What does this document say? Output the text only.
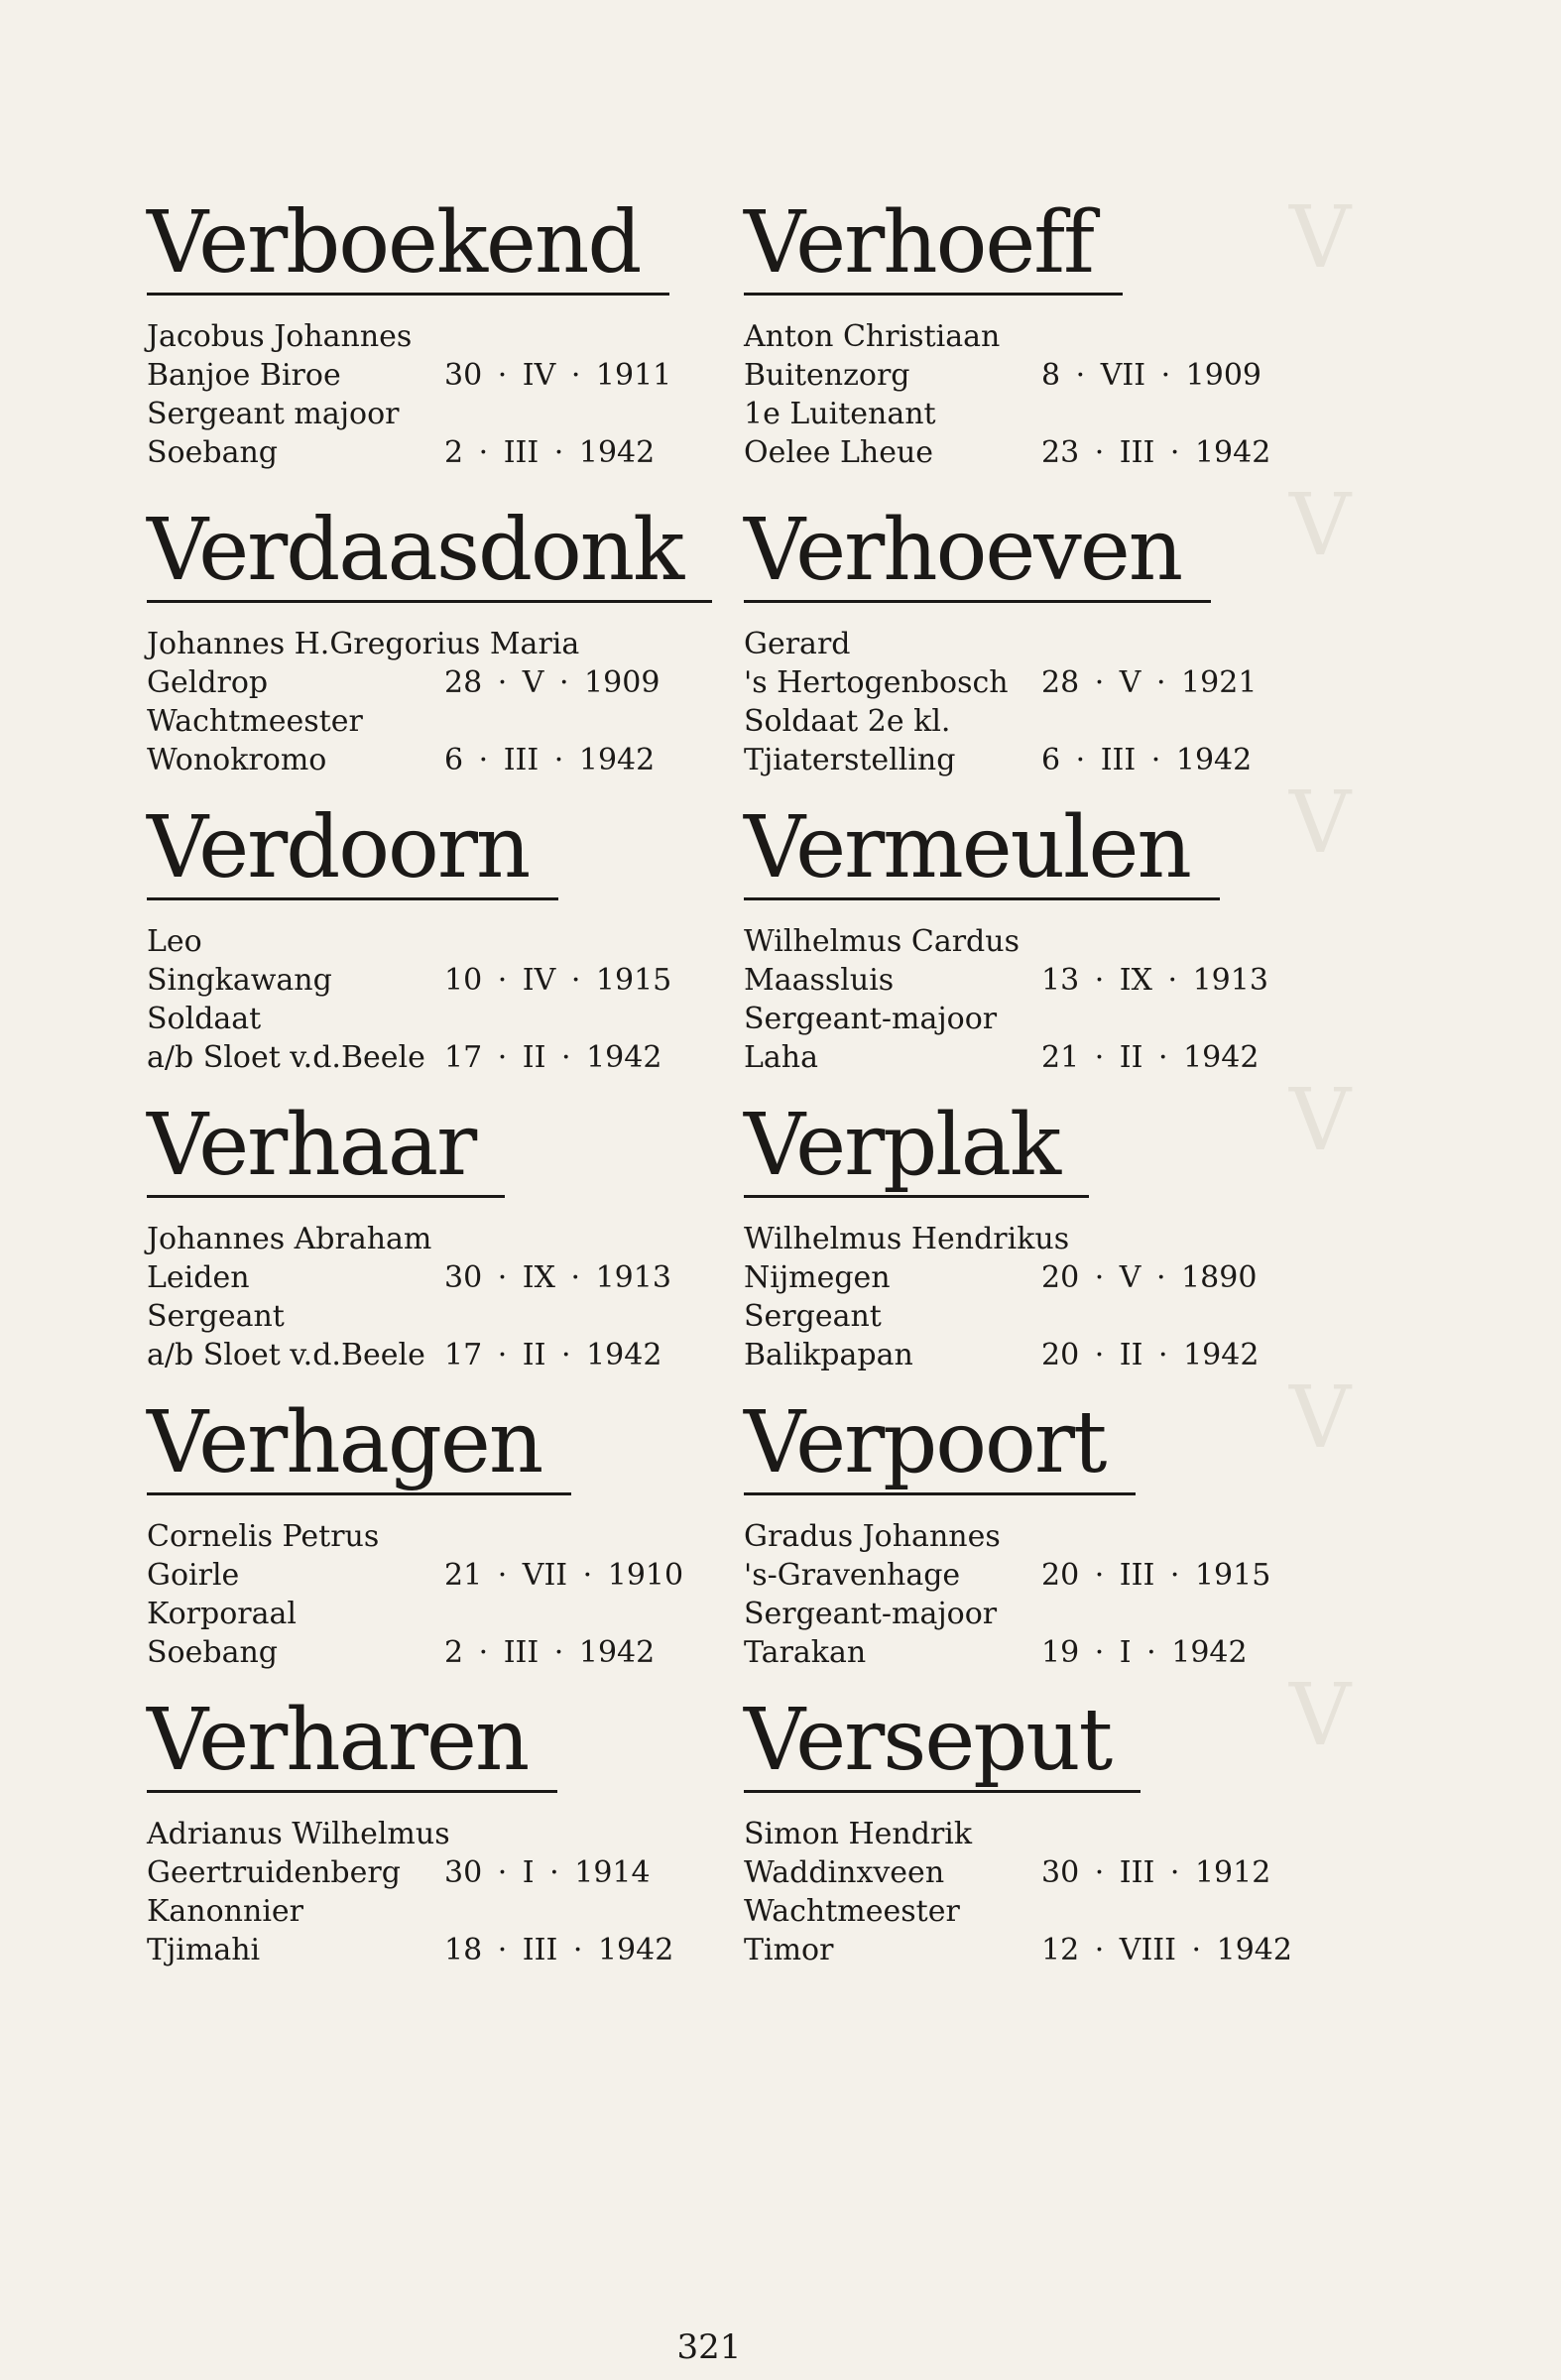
V
V
V
V
V
V
Verboekend
Jacobus Johannes
Banjoe Biroe	30 · IV · 1911
Sergeant majoor
Soebang	2 · III · 1942
Verdaasdonk
Johannes H.Gregorius Maria
Geldrop	28 · V · 1909
Wachtmeester
Wonokromo	6 · III · 1942
Verdoorn
Leo
Singkawang	10 · IV · 1915
Soldaat
a/b Sloet v.d.Beele 17 · II · 1942
Verhaar
Johannes Abraham
Leiden	30 · IX · 1913
Sergeant
a/b Sloet v.d.Beele 17 · II · 1942
Verhagen
Cornelis Petrus
Goirle	21 · VII · 1910
Korporaal
Soebang	2 · III · 1942
Verharen
Adrianus Wilhelmus
Geertruidenberg 30 · I · 1914
Kanonnier
Tjimahi	18 · III · 1942
Verhoeff
Anton Christiaan
Buitenzorg	8 · VII · 1909
1e Luitenant
Oelee Lheue	23 · III · 1942
Verhoeven
Gerard
's Hertogenbosch 28 · V · 1921
Soldaat 2e kl.
Tjiaterstelling	6 · III · 1942
Vermeulen
Wilhelmus Cardus
Maassluis	13 · IX · 1913
Sergeant-majoor
Laha	21 · II · 1942
Verplak
Wilhelmus Hendrikus
Nijmegen	20 · V · 1890
Sergeant
Balikpapan	20 · II · 1942
Verpoort
Gradus Johannes
's-Gravenhage	20 · III · 1915
Sergeant-majoor
Tarakan	19 · I · 1942
Verseput
Simon Hendrik
Waddinxveen	30 · III · 1912
Wachtmeester
Timor	12 · VIII · 1942
321
